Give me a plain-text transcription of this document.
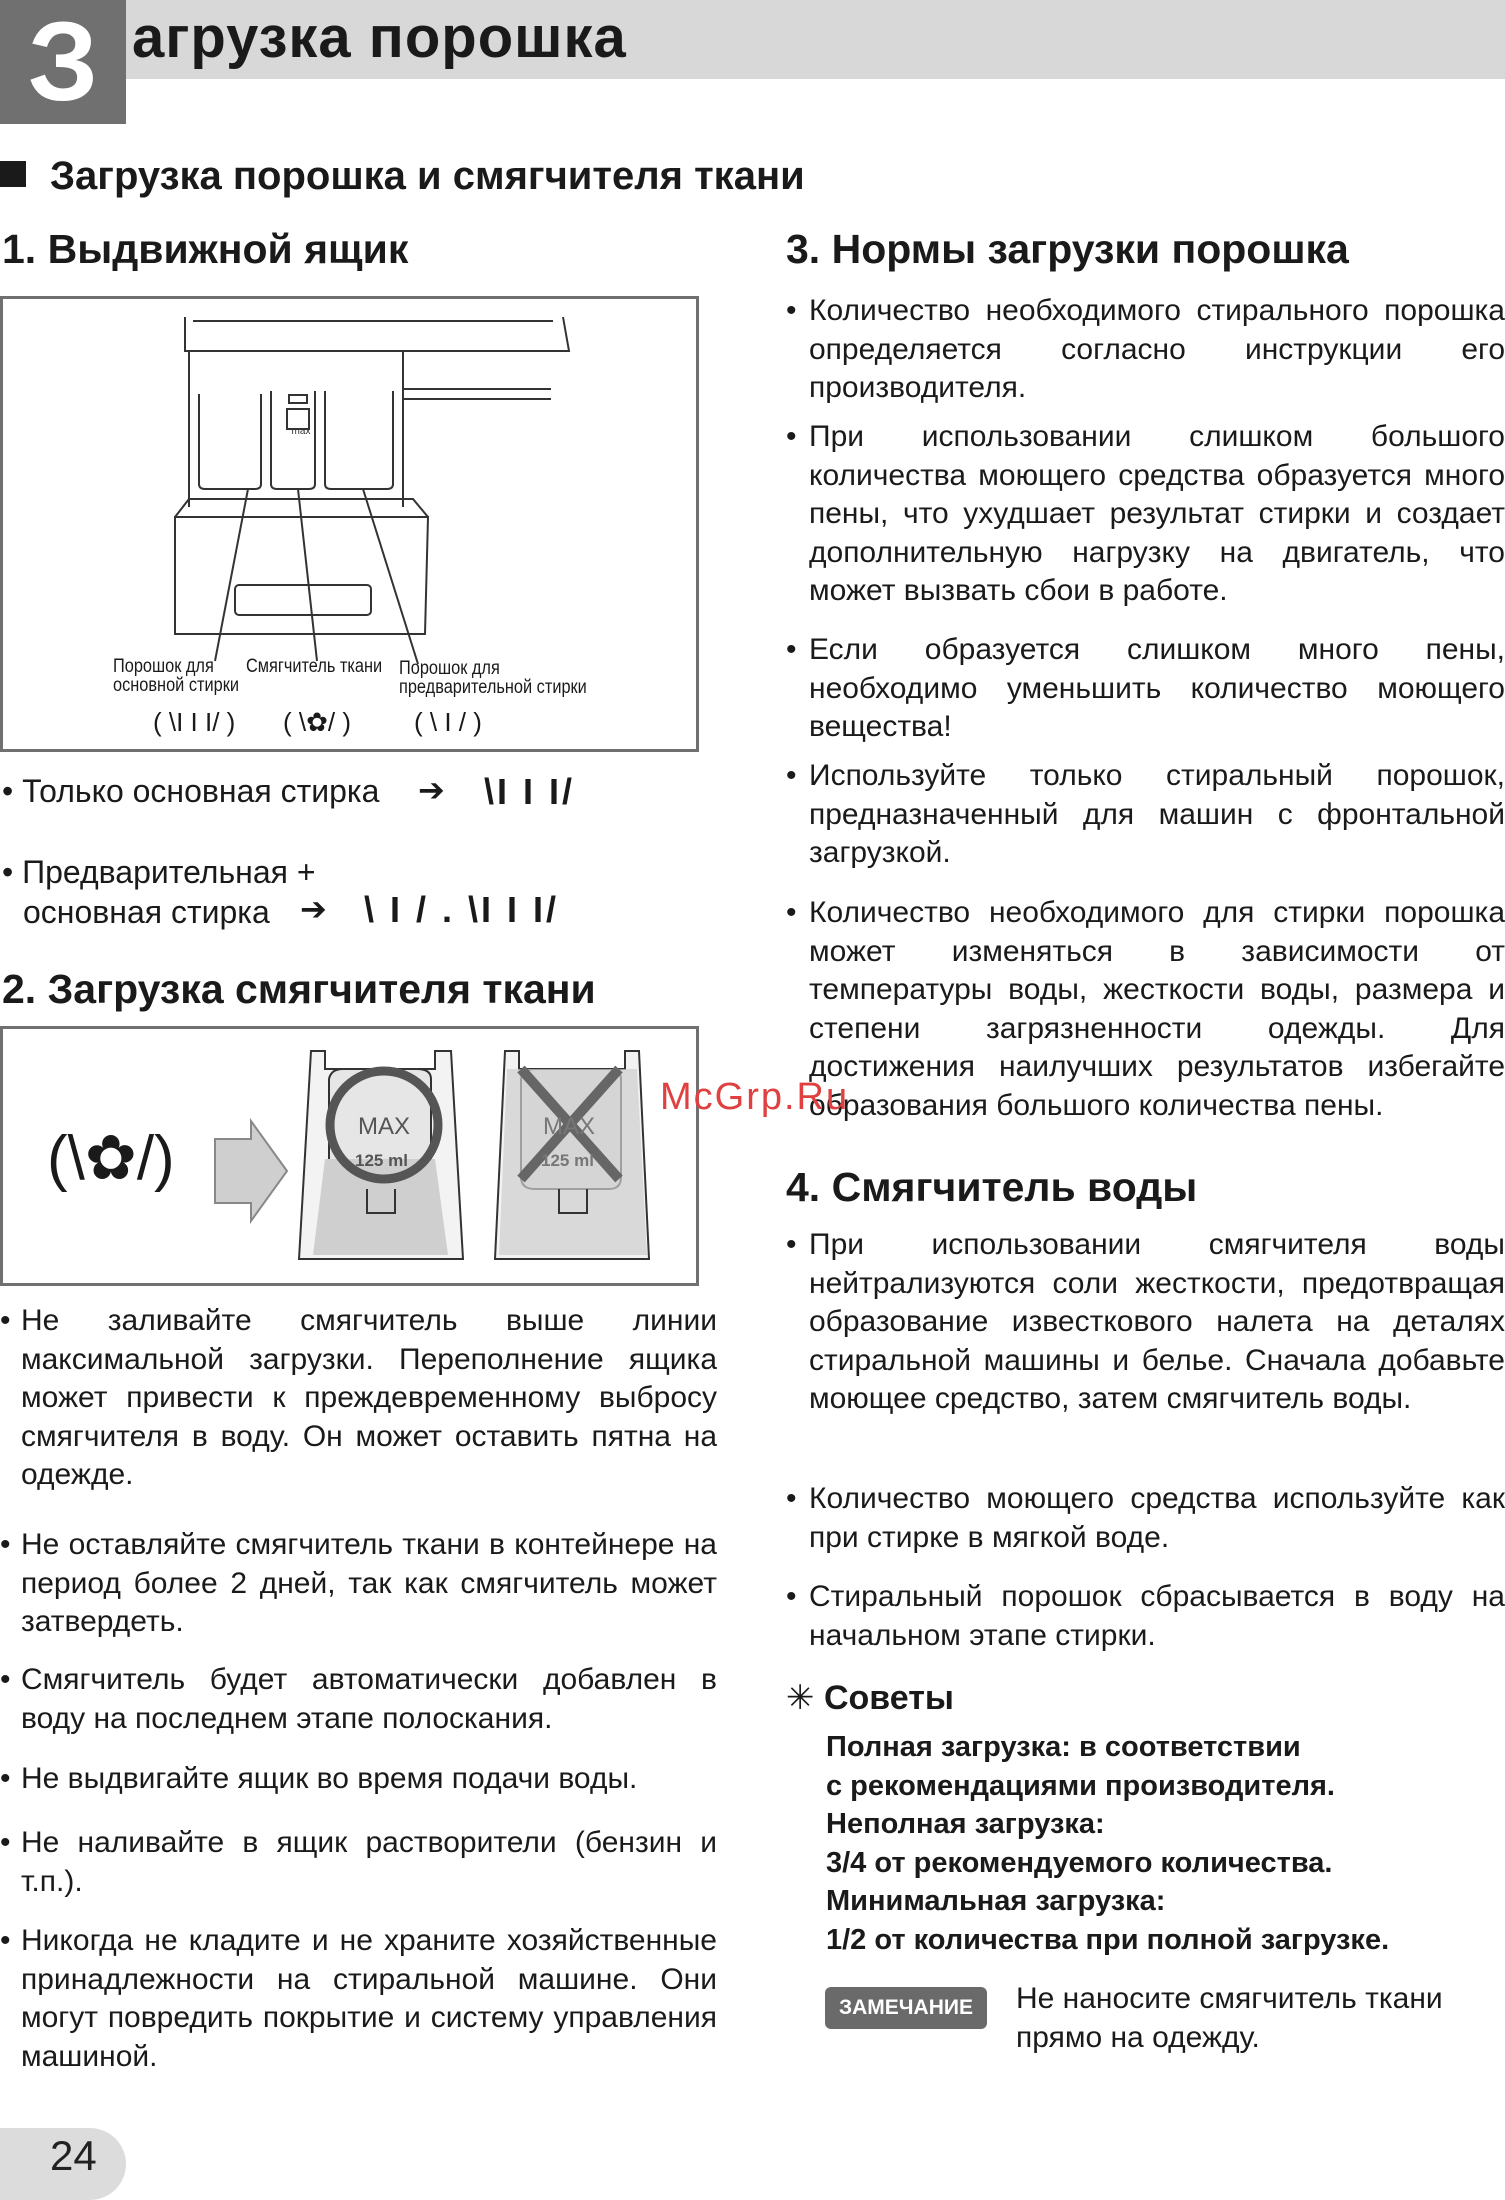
З агрузка порошка
Загрузка порошка и смягчителя ткани
1. Выдвижной ящик
max
Порошок для
основной стирки
Смягчитель ткани Порошок для
предварительной стирки
( \I I I/ ) ( \✿/ ) ( \ I / )
• Только основная стирка ➔ \I I I/
• Предварительная +
основная стирка ➔ \ I / . \I I I/
2. Загрузка смягчителя ткани
(\✿/)	MAX
125 ml
MAX
125 ml
• Не заливайте смягчитель выше линии максимальной загрузки. Переполнение ящика может привести к преждевременному выбросу смягчителя в воду. Он может оставить пятна на одежде.
• Не оставляйте смягчитель ткани в контейнере на период более 2 дней, так как смягчитель может затвердеть.
• Смягчитель будет автоматически добавлен в воду на последнем этапе полоскания.
• Не выдвигайте ящик во время подачи воды.
• Не наливайте в ящик растворители (бензин и т.п.).
• Никогда не кладите и не храните хозяйственные принадлежности на стиральной машине. Они могут повредить покрытие и систему управления машиной.
3. Нормы загрузки порошка
• Количество необходимого стирального порошка определяется согласно инструкции его производителя.
• При использовании слишком большого количества моющего средства образуется много пены, что ухудшает результат стирки и создает дополнительную нагрузку на двигатель, что может вызвать сбои в работе.
• Если образуется слишком много пены, необходимо уменьшить количество моющего вещества!
• Используйте только стиральный порошок, предназначенный для машин с фронтальной загрузкой.
• Количество необходимого для стирки порошка может изменяться в зависимости от температуры воды, жесткости воды, размера и степени загрязненности одежды. Для достижения наилучших результатов избегайте образования большого количества пены.
4. Смягчитель воды
• При использовании смягчителя воды нейтрализуются соли жесткости, предотвращая образование известкового налета на деталях стиральной машины и белье. Сначала добавьте моющее средство, затем смягчитель воды.
• Количество моющего средства используйте как при стирке в мягкой воде.
• Стиральный порошок сбрасывается в воду на начальном этапе стирки.
✳ Советы
Полная загрузка: в соответствии
с рекомендациями производителя.
Неполная загрузка:
3/4 от рекомендуемого количества.
Минимальная загрузка:
1/2 от количества при полной загрузке.
ЗАМЕЧАНИЕ	Не наносите смягчитель ткани
прямо на одежду.
McGrp.Ru
24
